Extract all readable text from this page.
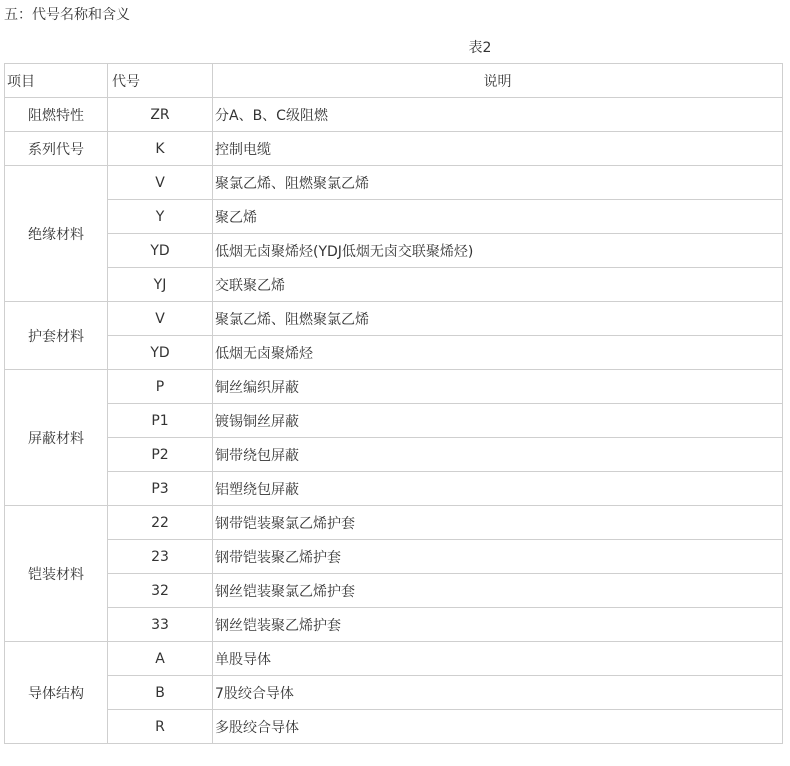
五：代号名称和含义
表2
项目	代号	说明
阻燃特性	ZR	分A、B、C级阻燃
系列代号	K	控制电缆
绝缘材料	V	聚氯乙烯、阻燃聚氯乙烯
	Y	聚乙烯
	YD	低烟无卤聚烯烃(YDJ低烟无卤交联聚烯烃)
	YJ	交联聚乙烯
护套材料	V	聚氯乙烯、阻燃聚氯乙烯
	YD	低烟无卤聚烯烃
屏蔽材料	P	铜丝编织屏蔽
	P1	镀锡铜丝屏蔽
	P2	铜带绕包屏蔽
	P3	铝塑绕包屏蔽
铠装材料	22	钢带铠装聚氯乙烯护套
	23	钢带铠装聚乙烯护套
	32	钢丝铠装聚氯乙烯护套
	33	钢丝铠装聚乙烯护套
导体结构	A	单股导体
	B	7股绞合导体
	R	多股绞合导体
